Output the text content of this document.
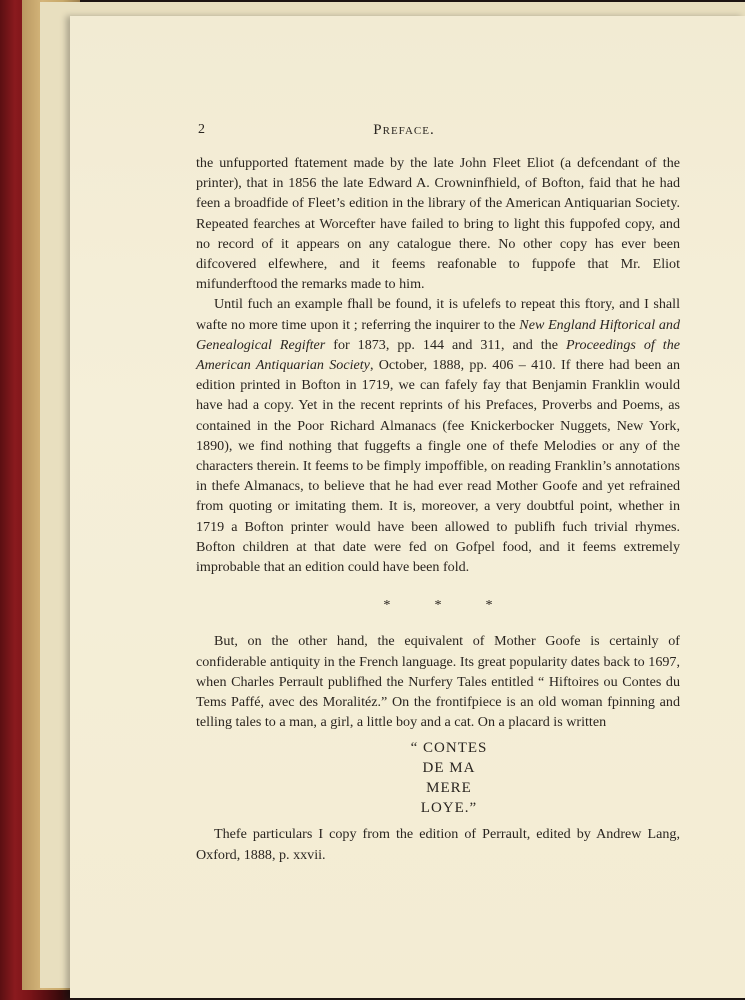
2	Preface.

the unfupported ftatement made by the late John Fleet Eliot (a defcendant of the printer), that in 1856 the late Edward A. Crowninfhield, of Bofton, faid that he had feen a broadfide of Fleet’s edition in the library of the American Antiquarian Society. Repeated fearches at Worcefter have failed to bring to light this fuppofed copy, and no record of it appears on any catalogue there. No other copy has ever been difcovered elfewhere, and it feems reafonable to fuppofe that Mr. Eliot mifunderftood the remarks made to him.

Until fuch an example fhall be found, it is ufelefs to repeat this ftory, and I shall wafte no more time upon it ; referring the inquirer to the New England Hiftorical and Genealogical Regifter for 1873, pp. 144 and 311, and the Proceedings of the American Antiquarian Society, October, 1888, pp. 406 – 410. If there had been an edition printed in Bofton in 1719, we can fafely fay that Benjamin Franklin would have had a copy. Yet in the recent reprints of his Prefaces, Proverbs and Poems, as contained in the Poor Richard Almanacs (fee Knickerbocker Nuggets, New York, 1890), we find nothing that fuggefts a fingle one of thefe Melodies or any of the characters therein. It feems to be fimply impoffible, on reading Franklin’s annotations in thefe Almanacs, to believe that he had ever read Mother Goofe and yet refrained from quoting or imitating them. It is, moreover, a very doubtful point, whether in 1719 a Bofton printer would have been allowed to publifh fuch trivial rhymes. Bofton children at that date were fed on Gofpel food, and it feems extremely improbable that an edition could have been fold.

*	*	*

But, on the other hand, the equivalent of Mother Goofe is certainly of confiderable antiquity in the French language. Its great popularity dates back to 1697, when Charles Perrault publifhed the Nurfery Tales entitled “ Hiftoires ou Contes du Tems Paffé, avec des Moralitéz.” On the frontifpiece is an old woman fpinning and telling tales to a man, a girl, a little boy and a cat. On a placard is written

“ CONTES
DE MA
MERE
LOYE.”

Thefe particulars I copy from the edition of Perrault, edited by Andrew Lang, Oxford, 1888, p. xxvii.
